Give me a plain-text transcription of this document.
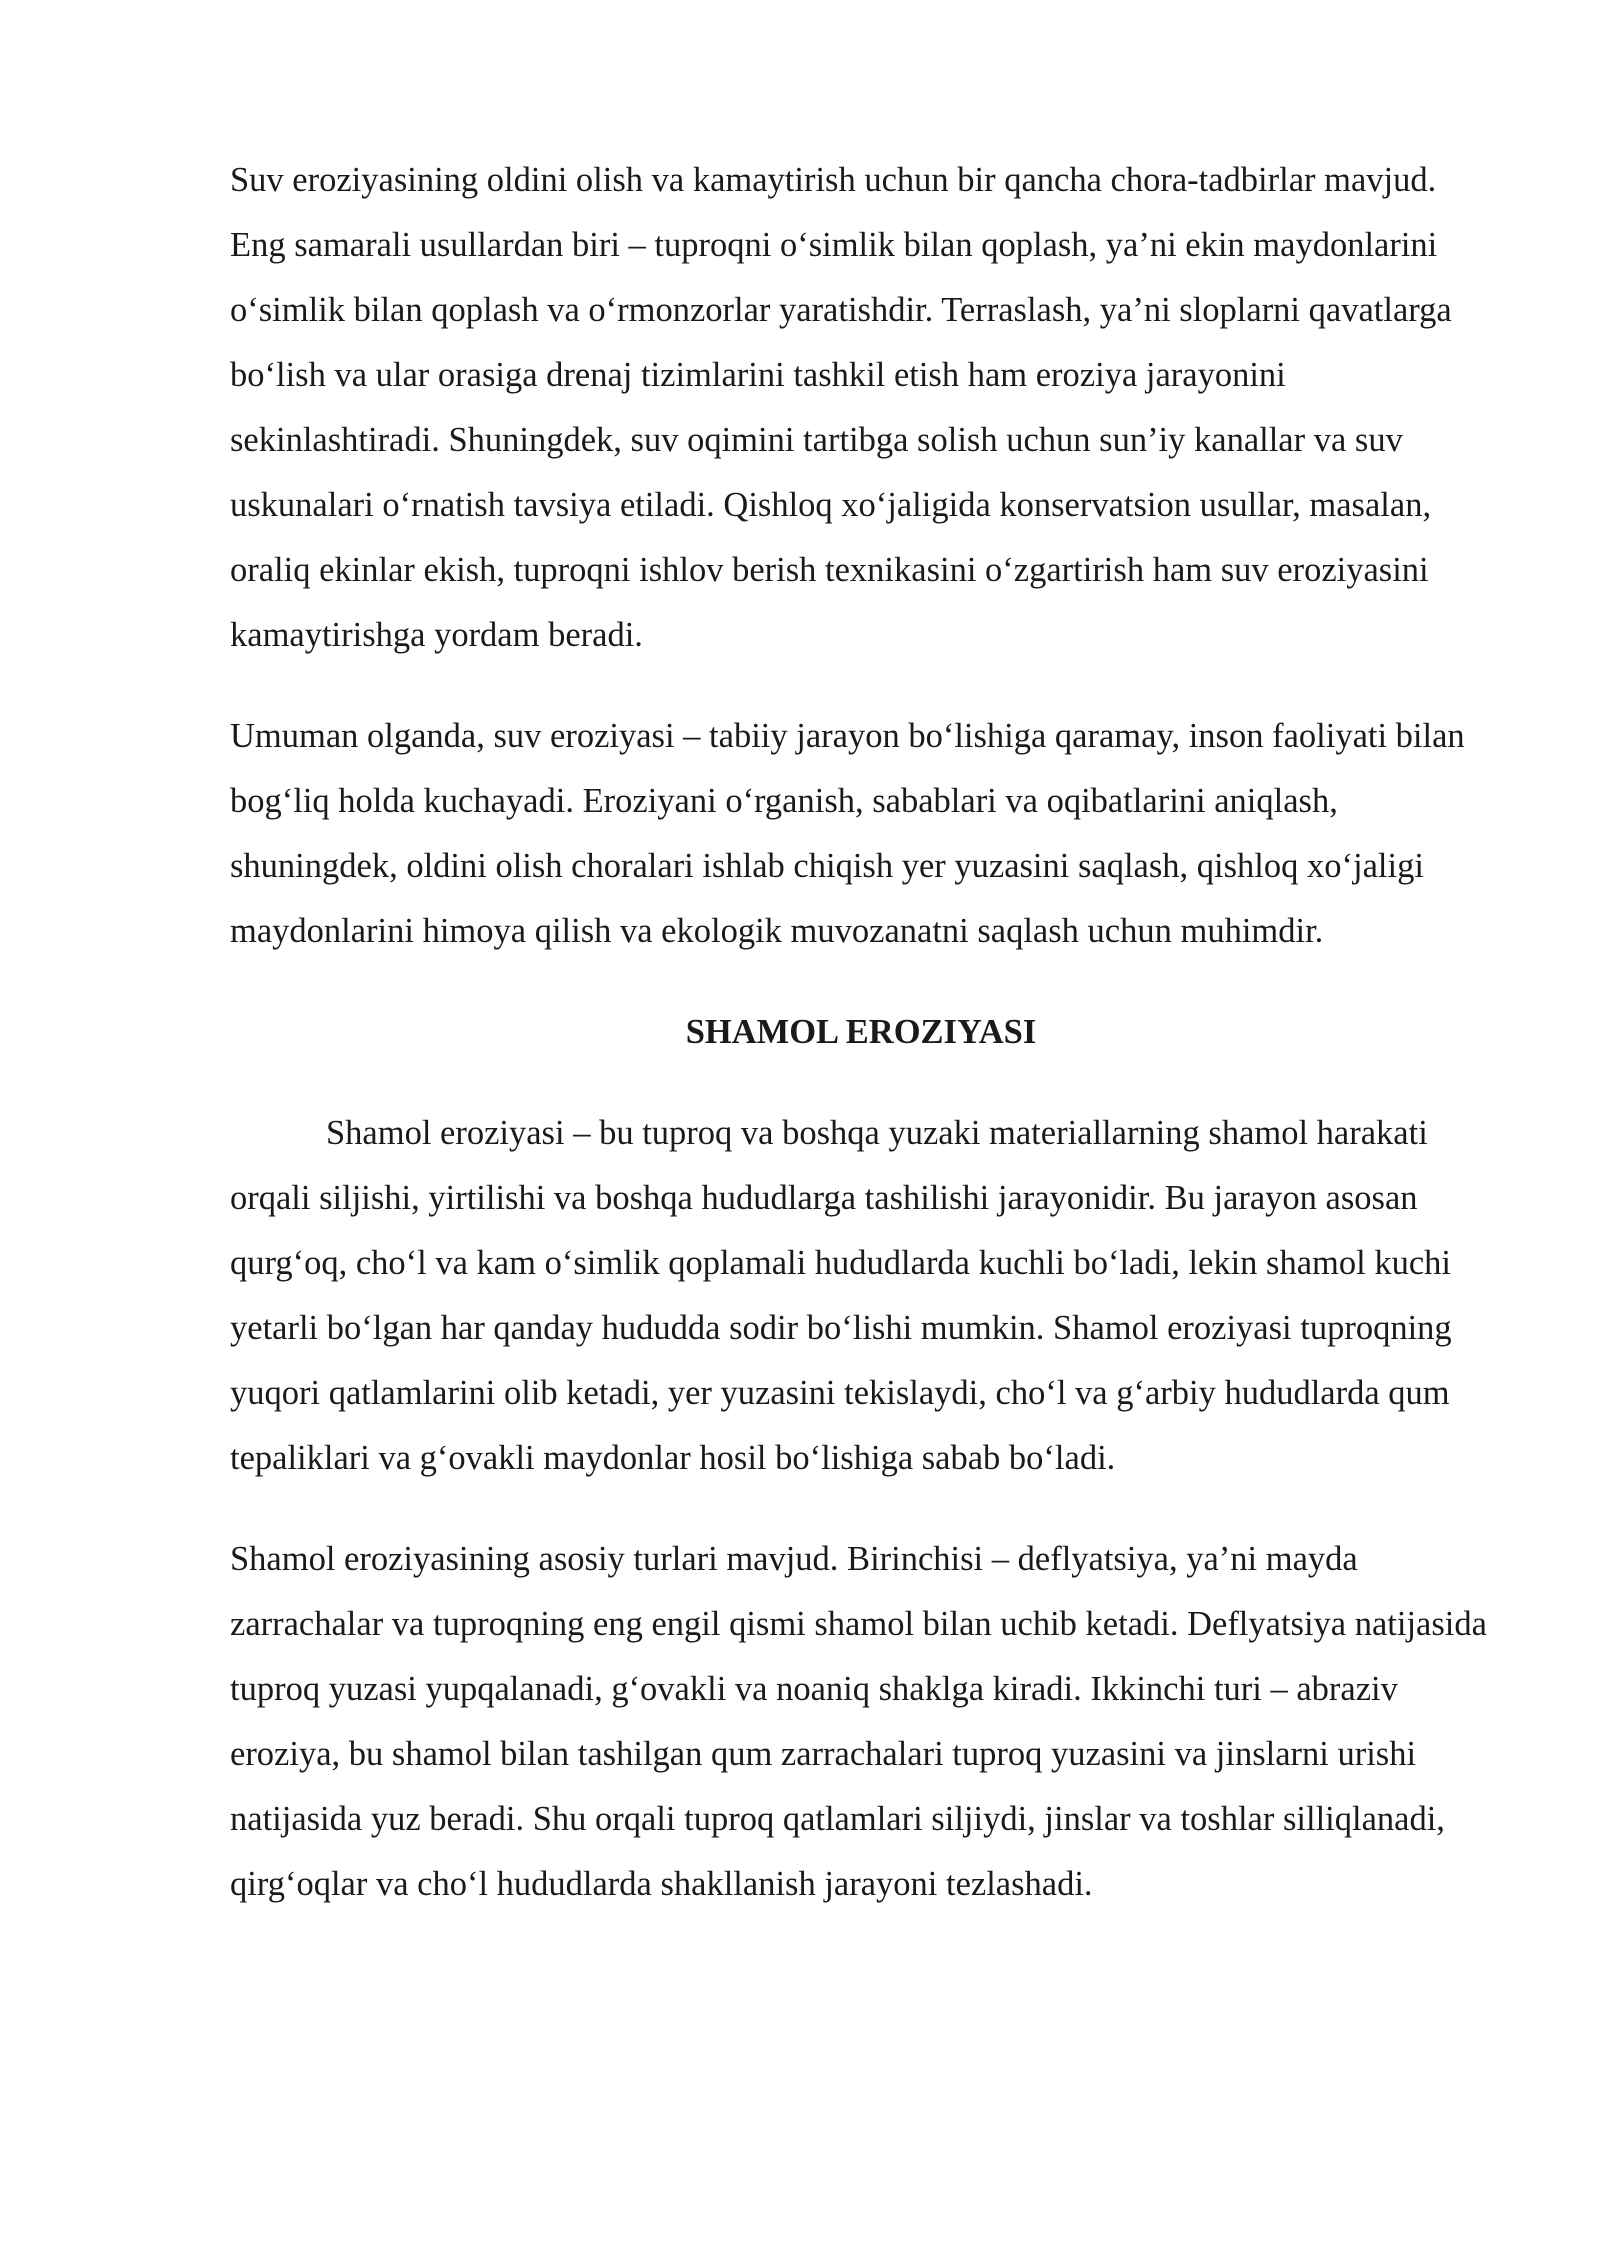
Suv eroziyasining oldini olish va kamaytirish uchun bir qancha chora-tadbirlar mavjud. Eng samarali usullardan biri – tuproqni o‘simlik bilan qoplash, ya’ni ekin maydonlarini o‘simlik bilan qoplash va o‘rmonzorlar yaratishdir. Terraslash, ya’ni sloplarni qavatlarga bo‘lish va ular orasiga drenaj tizimlarini tashkil etish ham eroziya jarayonini sekinlashtiradi. Shuningdek, suv oqimini tartibga solish uchun sun’iy kanallar va suv uskunalari o‘rnatish tavsiya etiladi. Qishloq xo‘jaligida konservatsion usullar, masalan, oraliq ekinlar ekish, tuproqni ishlov berish texnikasini o‘zgartirish ham suv eroziyasini kamaytirishga yordam beradi.

Umuman olganda, suv eroziyasi – tabiiy jarayon bo‘lishiga qaramay, inson faoliyati bilan bog‘liq holda kuchayadi. Eroziyani o‘rganish, sabablari va oqibatlarini aniqlash, shuningdek, oldini olish choralari ishlab chiqish yer yuzasini saqlash, qishloq xo‘jaligi maydonlarini himoya qilish va ekologik muvozanatni saqlash uchun muhimdir.

SHAMOL EROZIYASI

Shamol eroziyasi – bu tuproq va boshqa yuzaki materiallarning shamol harakati orqali siljishi, yirtilishi va boshqa hududlarga tashilishi jarayonidir. Bu jarayon asosan qurg‘oq, cho‘l va kam o‘simlik qoplamali hududlarda kuchli bo‘ladi, lekin shamol kuchi yetarli bo‘lgan har qanday hududda sodir bo‘lishi mumkin. Shamol eroziyasi tuproqning yuqori qatlamlarini olib ketadi, yer yuzasini tekislaydi, cho‘l va g‘arbiy hududlarda qum tepaliklari va g‘ovakli maydonlar hosil bo‘lishiga sabab bo‘ladi.

Shamol eroziyasining asosiy turlari mavjud. Birinchisi – deflyatsiya, ya’ni mayda zarrachalar va tuproqning eng engil qismi shamol bilan uchib ketadi. Deflyatsiya natijasida tuproq yuzasi yupqalanadi, g‘ovakli va noaniq shaklga kiradi. Ikkinchi turi – abraziv eroziya, bu shamol bilan tashilgan qum zarrachalari tuproq yuzasini va jinslarni urishi natijasida yuz beradi. Shu orqali tuproq qatlamlari siljiydi, jinslar va toshlar silliqlanadi, qirg‘oqlar va cho‘l hududlarda shakllanish jarayoni tezlashadi.
